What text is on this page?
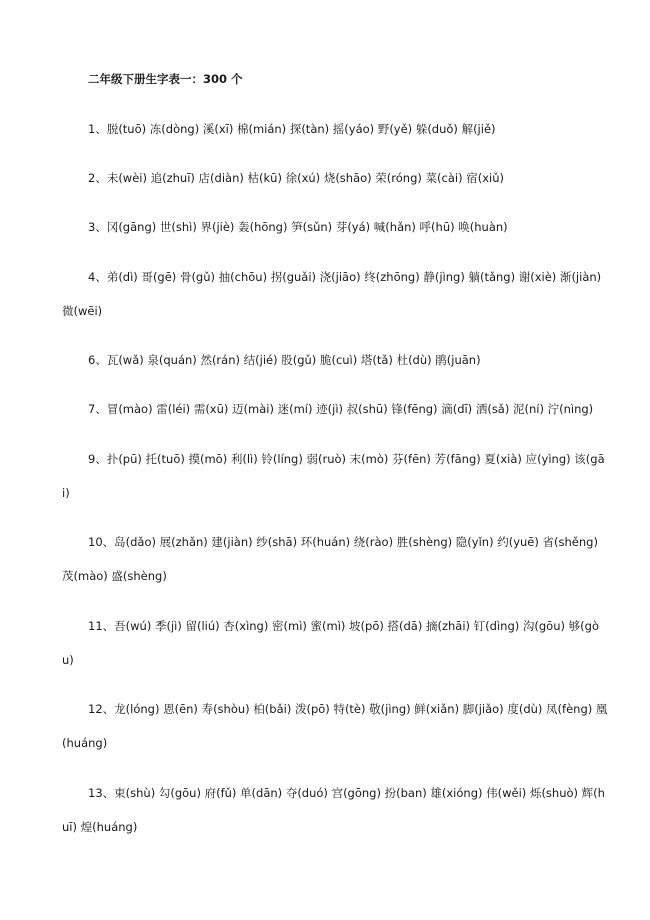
二年级下册生字表一：300 个
1、脱(tuō) 冻(dòng) 溪(xī) 棉(mián) 探(tàn) 摇(yáo) 野(yě) 躲(duǒ) 解(jiě)
2、未(wèi) 追(zhuī) 店(diàn) 枯(kū) 徐(xú) 烧(shāo) 荣(róng) 菜(cài) 宿(xiǔ)
3、冈(gāng) 世(shì) 界(jiè) 轰(hōng) 笋(sǔn) 芽(yá) 喊(hǎn) 呼(hū) 唤(huàn)
4、弟(dì) 哥(gē) 骨(gǔ) 抽(chōu) 拐(guǎi) 浇(jiāo) 终(zhōng) 静(jìng) 躺(tǎng) 谢(xiè) 渐(jiàn) 微(wēi)
6、瓦(wǎ) 泉(quán) 然(rán) 结(jié) 股(gǔ) 脆(cuì) 塔(tǎ) 杜(dù) 鹃(juān)
7、冒(mào) 雷(léi) 需(xū) 迈(mài) 迷(mí) 迹(jì) 叔(shū) 锋(fēng) 滴(dī) 洒(sǎ) 泥(ní) 泞(nìng)
9、扑(pū) 托(tuō) 摸(mō) 利(lì) 铃(líng) 弱(ruò) 末(mò) 芬(fēn) 芳(fāng) 夏(xià) 应(yìng) 该(gāi)
10、岛(dǎo) 展(zhǎn) 建(jiàn) 纱(shā) 环(huán) 绕(rào) 胜(shèng) 隐(yǐn) 约(yuē) 省(shěng) 茂(mào) 盛(shèng)
11、吾(wú) 季(jì) 留(liú) 杏(xìng) 密(mì) 蜜(mì) 坡(pō) 搭(dā) 摘(zhāi) 钉(dìng) 沟(gōu) 够(gòu)
12、龙(lóng) 恩(ēn) 寿(shòu) 柏(bǎi) 泼(pō) 特(tè) 敬(jìng) 鲜(xiǎn) 脚(jiǎo) 度(dù) 凤(fèng) 凰(huáng)
13、束(shù) 勾(gōu) 府(fǔ) 单(dān) 夺(duó) 宫(gōng) 扮(ban) 雄(xióng) 伟(wěi) 烁(shuò) 辉(huī) 煌(huáng)
